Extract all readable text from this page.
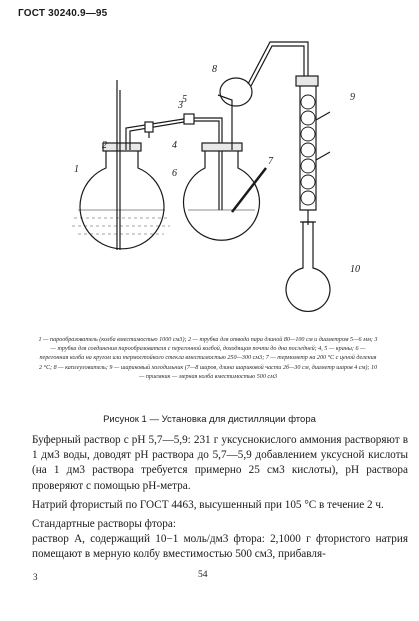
ГОСТ 30240.9—95
1
2
3
4
5
6
7
8
9
10
1 — парообразователь (колба вместимостью 1000 см3); 2 — трубка для отвода пара длиной 80—100 см и диаметром 5—6 мм; 3 — трубка для соединения парообразователя с перегонной колбой, доходящая почти до дна последней; 4, 5 — краны; 6 — перегонная колба на кругом или термостойкого стекла вместимостью 250—300 см3; 7 — термометр на 200 °С с ценой деления 2 °С; 8 — каплеуловитель; 9 — шариковый холодильник (7—8 шаров, длина шариковой части 2б—30 см, диаметр шаров 4 см); 10 — приемник — мерная колба вместимостью 500 см3
Рисунок 1 — Установка для дистилляции фтора

Буферный раствор с рН 5,7—5,9: 231 г уксуснокислого аммония растворяют в 1 дм3 воды, доводят рН раствора до 5,7—5,9 добавлением уксусной кислоты (на 1 дм3 раствора требуется примерно 25 см3 кислоты), рН раствора проверяют с помощью рН-метра.

Натрий фтористый по ГОСТ 4463, высушенный при 105 °С в течение 2 ч.

Стандартные растворы фтора:

раствор А, содержащий 10−1 моль/дм3 фтора: 2,1000 г фтористого натрия помещают в мерную колбу вместимостью 500 см3, прибавля-

3	54
